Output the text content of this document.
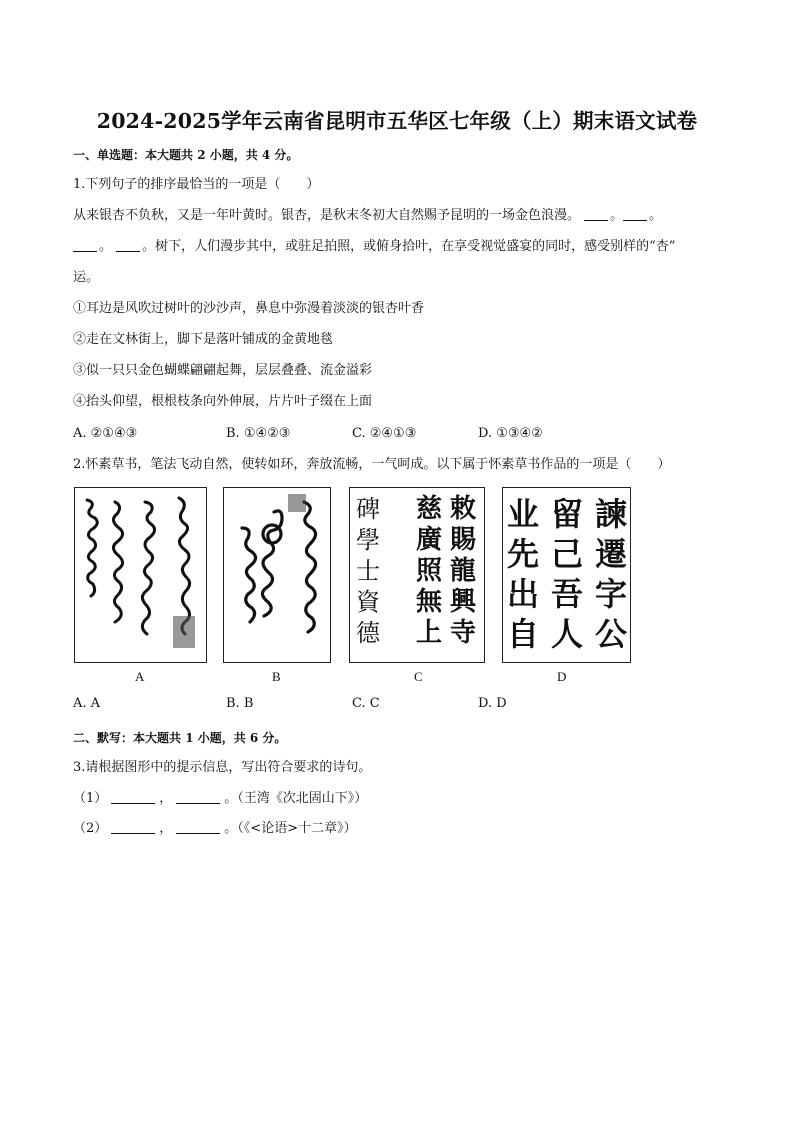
2024-2025学年云南省昆明市五华区七年级（上）期末语文试卷
一、单选题：本大题共 2 小题，共 4 分。
1.下列句子的排序最恰当的一项是（　　）
从来银杏不负秋，又是一年叶黄时。银杏，是秋末冬初大自然赐予昆明的一场金色浪漫。 。 。
。 。树下，人们漫步其中，或驻足拍照，或俯身拾叶，在享受视觉盛宴的同时，感受别样的“杏”
运。
①耳边是风吹过树叶的沙沙声，鼻息中弥漫着淡淡的银杏叶香
②走在文林街上，脚下是落叶铺成的金黄地毯
③似一只只金色蝴蝶翩翩起舞，层层叠叠、流金溢彩
④抬头仰望，根根枝条向外伸展，片片叶子缀在上面
A. ②①④③	B. ①④②③	C. ②④①③	D. ①③④②
2.怀素草书，笔法飞动自然，使转如环，奔放流畅，一气呵成。以下属于怀素草书作品的一项是（　　）
敕賜龍興寺
慈廣照無上
碑學士資德
諫
留
业
遷
己
先
字
吾
出
公
人
自
A	B	C	D
A. A	B. B	C. C	D. D
二、默写：本大题共 1 小题，共 6 分。
3.请根据图形中的提示信息，写出符合要求的诗句。
（1）	，	。（王湾《次北固山下》）
（2）	，	。（《<论语>十二章》）
